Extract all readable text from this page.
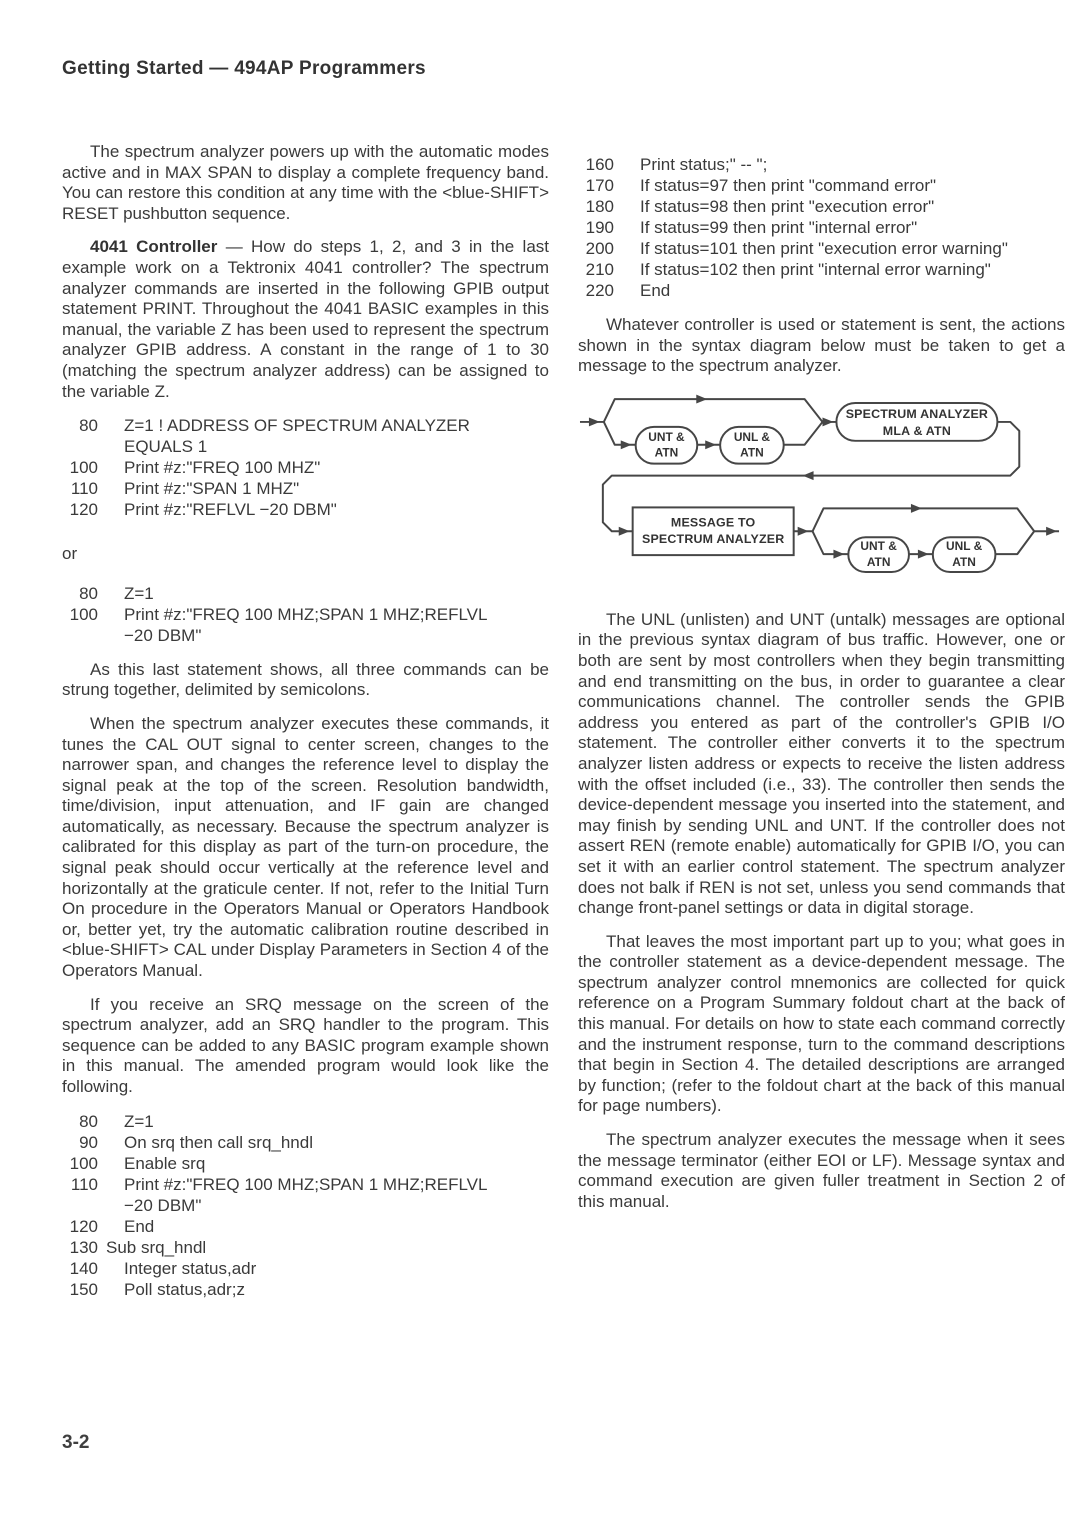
Getting Started — 494AP Programmers

The spectrum analyzer powers up with the automatic modes active and in MAX SPAN to display a complete frequency band. You can restore this condition at any time with the <blue-SHIFT> RESET pushbutton sequence.

4041 Controller — How do steps 1, 2, and 3 in the last example work on a Tektronix 4041 controller? The spectrum analyzer commands are inserted in the following GPIB output statement PRINT. Throughout the 4041 BASIC examples in this manual, the variable Z has been used to represent the spectrum analyzer GPIB address. A constant in the range of 1 to 30 (matching the spectrum analyzer address) can be assigned to the variable Z.

80 Z=1 ! ADDRESS OF SPECTRUM ANALYZER
EQUALS 1
100 Print #z:"FREQ 100 MHZ"
110 Print #z:"SPAN 1 MHZ"
120 Print #z:"REFLVL −20 DBM"
or
80 Z=1
100 Print #z:"FREQ 100 MHZ;SPAN 1 MHZ;REFLVL
−20 DBM"

As this last statement shows, all three commands can be strung together, delimited by semicolons.

When the spectrum analyzer executes these commands, it tunes the CAL OUT signal to center screen, changes to the narrower span, and changes the reference level to display the signal peak at the top of the screen. Resolution bandwidth, time/division, input attenuation, and IF gain are changed automatically, as necessary. Because the spectrum analyzer is calibrated for this display as part of the turn-on procedure, the signal peak should occur vertically at the reference level and horizontally at the graticule center. If not, refer to the Initial Turn On procedure in the Operators Manual or Operators Handbook or, better yet, try the automatic calibration routine described in <blue-SHIFT> CAL under Display Parameters in Section 4 of the Operators Manual.

If you receive an SRQ message on the screen of the spectrum analyzer, add an SRQ handler to the program. This sequence can be added to any BASIC program example shown in this manual. The amended program would look like the following.

80 Z=1
90 On srq then call srq_hndl
100 Enable srq
110 Print #z:"FREQ 100 MHZ;SPAN 1 MHZ;REFLVL
−20 DBM"
120 End
130 Sub srq_hndl
140 Integer status,adr
150 Poll status,adr;z
160 Print status;" -- ";
170 If status=97 then print "command error"
180 If status=98 then print "execution error"
190 If status=99 then print "internal error"
200 If status=101 then print "execution error warning"
210 If status=102 then print "internal error warning"
220 End

Whatever controller is used or statement is sent, the actions shown in the syntax diagram below must be taken to get a message to the spectrum analyzer.

UNT &
ATN
UNL &
ATN
SPECTRUM ANALYZER
MLA & ATN
MESSAGE TO
SPECTRUM ANALYZER	UNT &
ATN
UNL &
ATN

The UNL (unlisten) and UNT (untalk) messages are optional in the previous syntax diagram of bus traffic. However, one or both are sent by most controllers when they begin transmitting and end transmitting on the bus, in order to guarantee a clear communications channel. The controller sends the GPIB address you entered as part of the controller's GPIB I/O statement. The controller either converts it to the spectrum analyzer listen address or expects to receive the listen address with the offset included (i.e., 33). The controller then sends the device-dependent message you inserted into the statement, and may finish by sending UNL and UNT. If the controller does not assert REN (remote enable) automatically for GPIB I/O, you can set it with an earlier control statement. The spectrum analyzer does not balk if REN is not set, unless you send commands that change front-panel settings or data in digital storage.

That leaves the most important part up to you; what goes in the controller statement as a device-dependent message. The spectrum analyzer control mnemonics are collected for quick reference on a Program Summary foldout chart at the back of this manual. For details on how to state each command correctly and the instrument response, turn to the command descriptions that begin in Section 4. The detailed descriptions are arranged by function; (refer to the foldout chart at the back of this manual for page numbers).

The spectrum analyzer executes the message when it sees the message terminator (either EOI or LF). Message syntax and command execution are given fuller treatment in Section 2 of this manual.

3-2
